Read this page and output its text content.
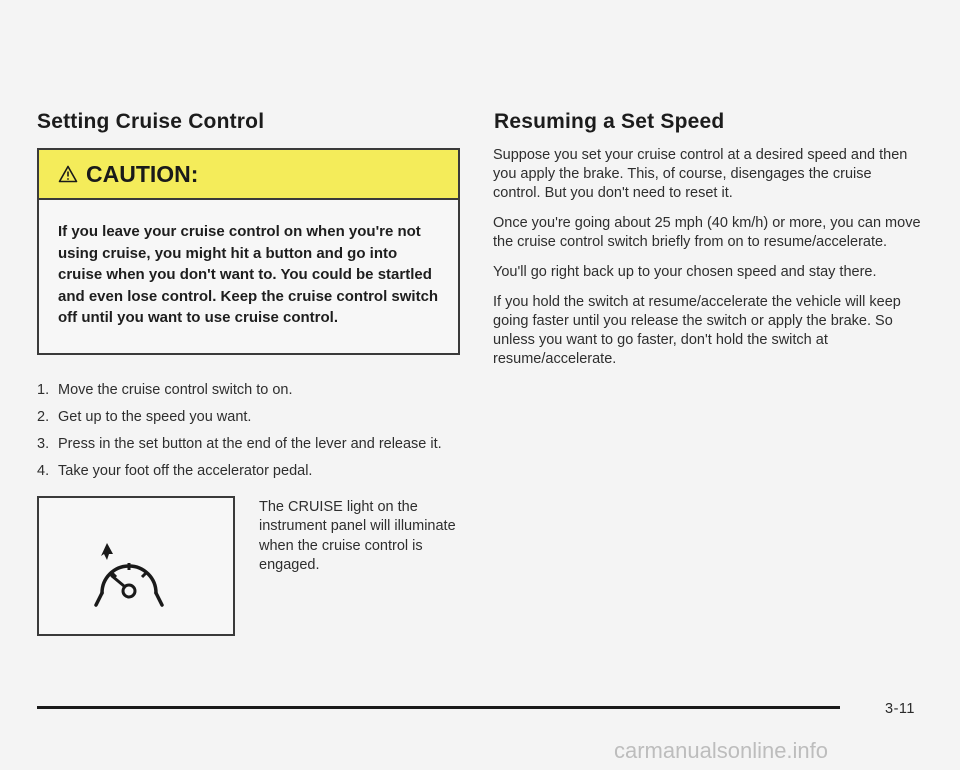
Setting Cruise Control
CAUTION:
If you leave your cruise control on when you're not using cruise, you might hit a button and go into cruise when you don't want to. You could be startled and even lose control. Keep the cruise control switch off until you want to use cruise control.
1. Move the cruise control switch to on.
2. Get up to the speed you want.
3. Press in the set button at the end of the lever and release it.
4. Take your foot off the accelerator pedal.
The CRUISE light on the instrument panel will illuminate when the cruise control is engaged.
Resuming a Set Speed

Suppose you set your cruise control at a desired speed and then you apply the brake. This, of course, disengages the cruise control. But you don't need to reset it.

Once you're going about 25 mph (40 km/h) or more, you can move the cruise control switch briefly from on to resume/accelerate.

You'll go right back up to your chosen speed and stay there.

If you hold the switch at resume/accelerate the vehicle will keep going faster until you release the switch or apply the brake. So unless you want to go faster, don't hold the switch at resume/accelerate.

3-11
carmanualsonline.info
